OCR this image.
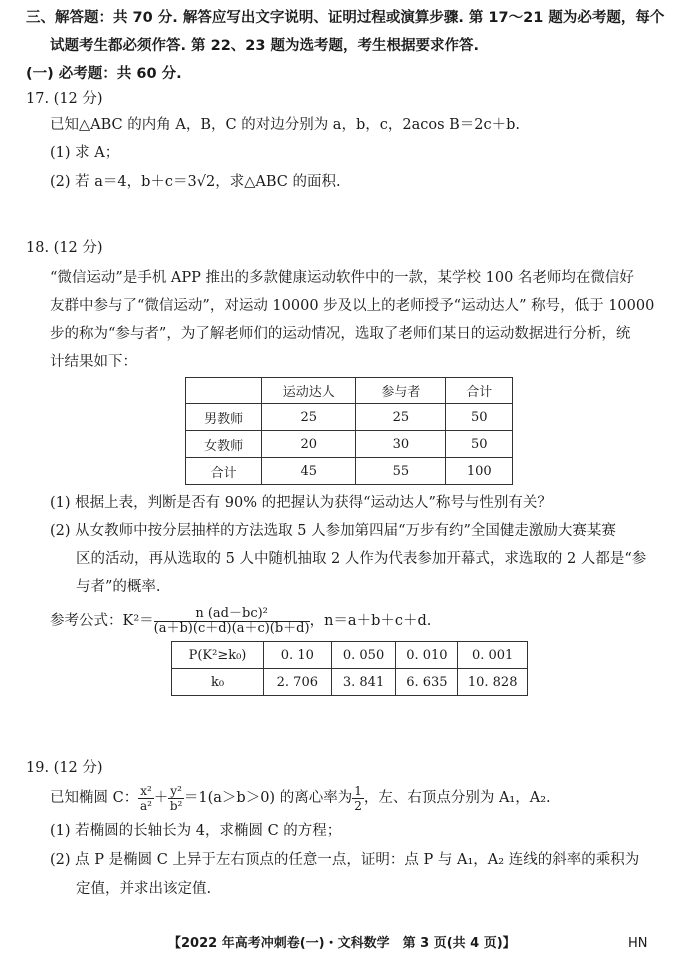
三、解答题：共 70 分. 解答应写出文字说明、证明过程或演算步骤. 第 17～21 题为必考题，每个
试题考生都必须作答. 第 22、23 题为选考题，考生根据要求作答.
(一) 必考题：共 60 分.
17. (12 分)
已知△ABC 的内角 A，B，C 的对边分别为 a，b，c，2acos B＝2c＋b.
(1) 求 A；
(2) 若 a＝4，b＋c＝3√2，求△ABC 的面积.
18. (12 分)
“微信运动”是手机 APP 推出的多款健康运动软件中的一款，某学校 100 名老师均在微信好
友群中参与了“微信运动”，对运动 10000 步及以上的老师授予“运动达人” 称号，低于 10000
步的称为“参与者”，为了解老师们的运动情况，选取了老师们某日的运动数据进行分析，统
计结果如下：
	运动达人	参与者	合计
男教师	25	25	50
女教师	20	30	50
合计	45	55	100
(1) 根据上表，判断是否有 90% 的把握认为获得“运动达人”称号与性别有关？
(2) 从女教师中按分层抽样的方法选取 5 人参加第四届“万步有约”全国健走激励大赛某赛
区的活动，再从选取的 5 人中随机抽取 2 人作为代表参加开幕式，求选取的 2 人都是“参
与者”的概率.
参考公式：$K^2= \frac{\text{n (ad－bc)²}}{(a+b)(c+d)(a+c)(b+d)}$ ，n＝a＋b＋c＋d.
P(K²≥k₀)	0. 10	0. 050	0. 010	0. 001
k₀	2. 706	3. 841	6. 635	10. 828
19. (12 分)
已知椭圆 C： $\frac{\text{x²}}{\text{a²}} + \frac{\text{y²}}{\text{b²}} =1(a>b>0)$ 的离心率为 $\frac{1}{2}$ ，左、右顶点分别为 A₁，A₂.
(1) 若椭圆的长轴长为 4，求椭圆 C 的方程；
(2) 点 P 是椭圆 C 上异于左右顶点的任意一点，证明：点 P 与 A₁，A₂ 连线的斜率的乘积为
定值，并求出该定值.
【2022 年高考冲刺卷(一)・文科数学　第 3 页(共 4 页)】	HN
